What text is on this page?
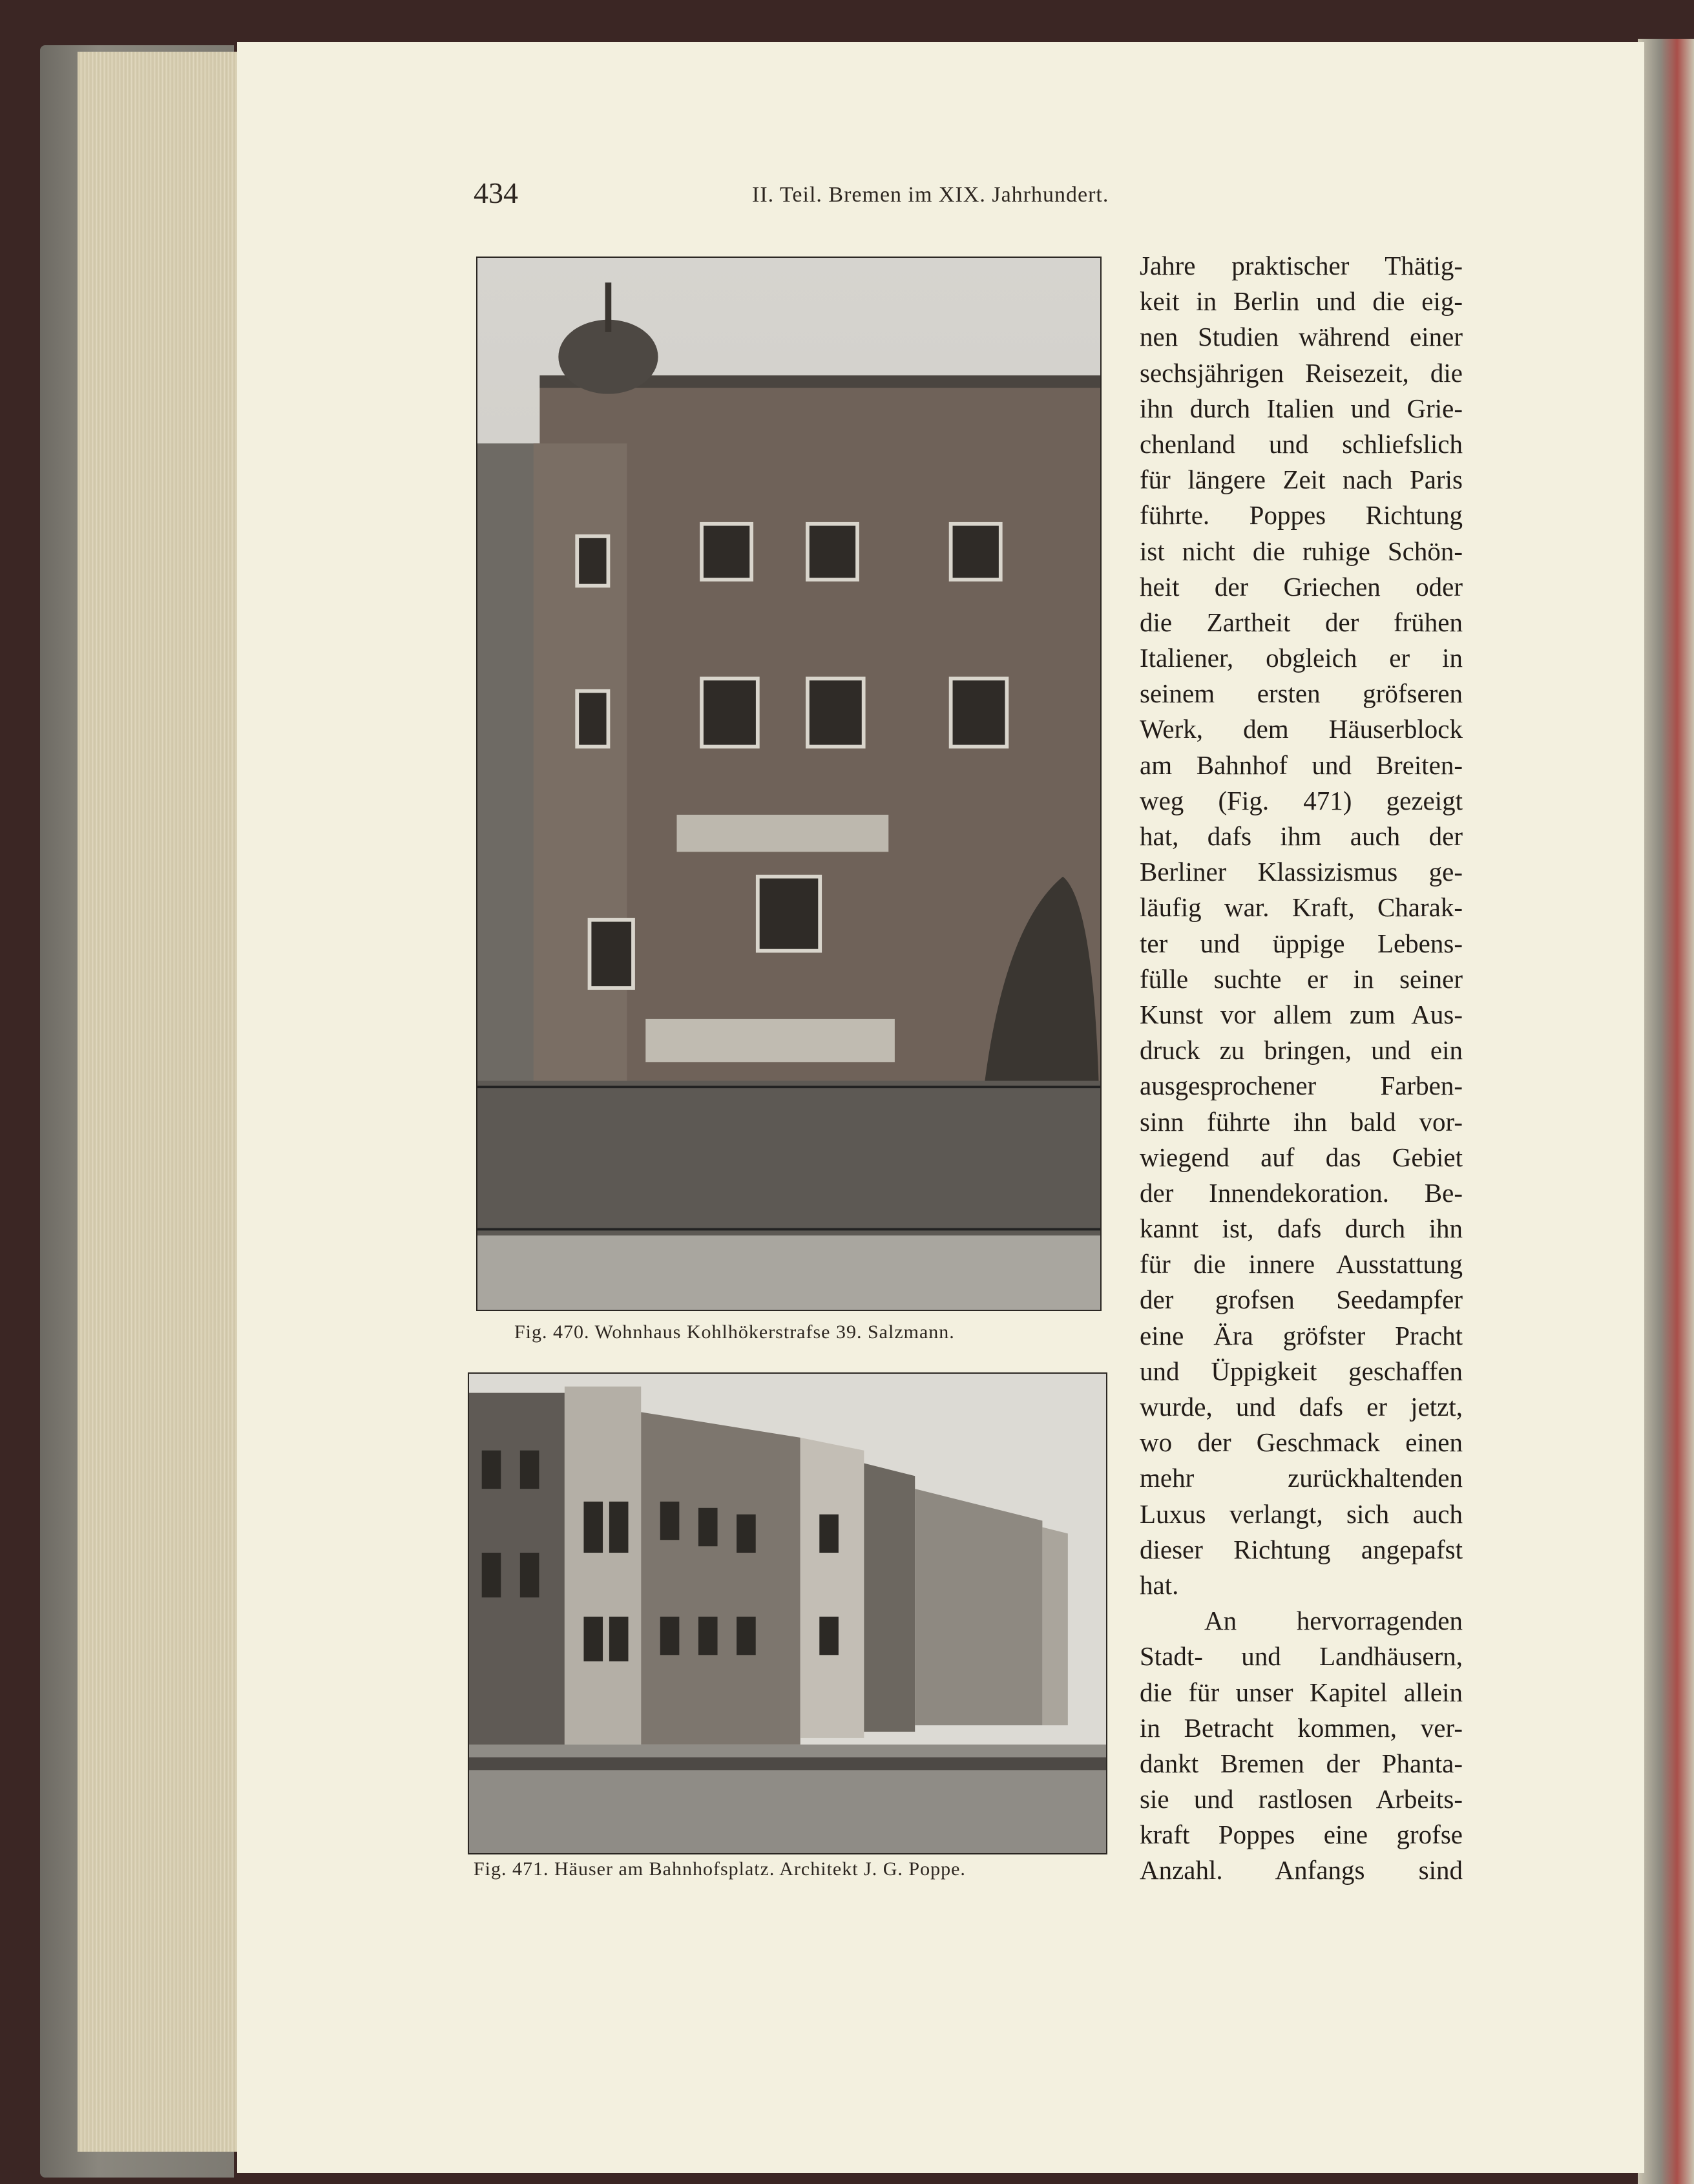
434	II. Teil. Bremen im XIX. Jahrhundert.
Fig. 470. Wohnhaus Kohlhökerstrafse 39. Salzmann.
Fig. 471. Häuser am Bahnhofsplatz. Architekt J. G. Poppe.
Jahre praktischer Thätig-
keit in Berlin und die eig-
nen Studien während einer
sechsjährigen Reisezeit, die
ihn durch Italien und Grie-
chenland und schliefslich
für längere Zeit nach Paris
führte. Poppes Richtung
ist nicht die ruhige Schön-
heit der Griechen oder
die Zartheit der frühen
Italiener, obgleich er in
seinem ersten gröfseren
Werk, dem Häuserblock
am Bahnhof und Breiten-
weg (Fig. 471) gezeigt
hat, dafs ihm auch der
Berliner Klassizismus ge-
läufig war. Kraft, Charak-
ter und üppige Lebens-
fülle suchte er in seiner
Kunst vor allem zum Aus-
druck zu bringen, und ein
ausgesprochener Farben-
sinn führte ihn bald vor-
wiegend auf das Gebiet
der Innendekoration. Be-
kannt ist, dafs durch ihn
für die innere Ausstattung
der grofsen Seedampfer
eine Ära gröfster Pracht
und Üppigkeit geschaffen
wurde, und dafs er jetzt,
wo der Geschmack einen
mehr zurückhaltenden
Luxus verlangt, sich auch
dieser Richtung angepafst
hat.
An hervorragenden
Stadt- und Landhäusern,
die für unser Kapitel allein
in Betracht kommen, ver-
dankt Bremen der Phanta-
sie und rastlosen Arbeits-
kraft Poppes eine grofse
Anzahl. Anfangs sind
